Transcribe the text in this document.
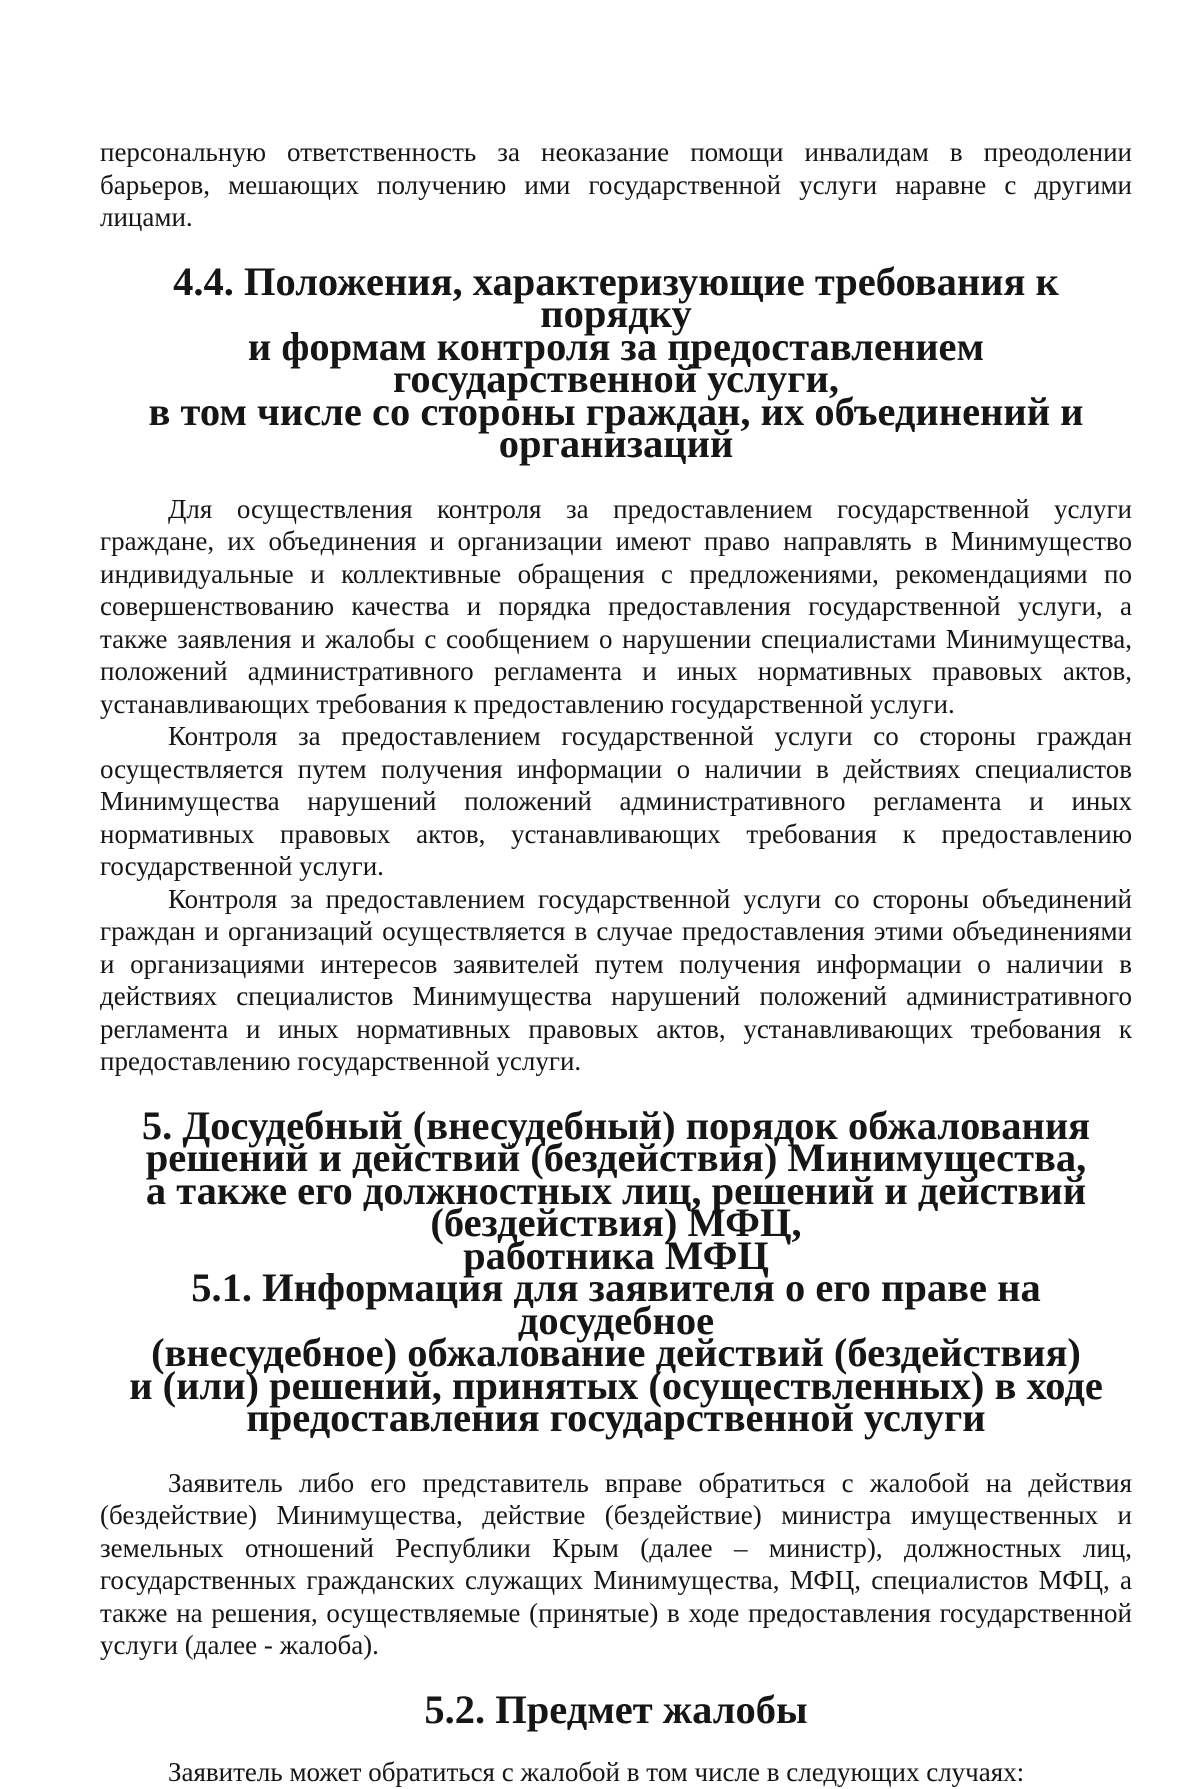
персональную ответственность за неоказание помощи инвалидам в преодолении барьеров, мешающих получению ими государственной услуги наравне с другими лицами.

4.4. Положения, характеризующие требования к порядку
и формам контроля за предоставлением государственной услуги,
в том числе со стороны граждан, их объединений и организаций

Для осуществления контроля за предоставлением государственной услуги граждане, их объединения и организации имеют право направлять в Минимущество индивидуальные и коллективные обращения с предложениями, рекомендациями по совершенствованию качества и порядка предоставления государственной услуги, а также заявления и жалобы с сообщением о нарушении специалистами Минимущества, положений административного регламента и иных нормативных правовых актов, устанавливающих требования к предоставлению государственной услуги.

Контроля за предоставлением государственной услуги со стороны граждан осуществляется путем получения информации о наличии в действиях специалистов Минимущества нарушений положений административного регламента и иных нормативных правовых актов, устанавливающих требования к предоставлению государственной услуги.

Контроля за предоставлением государственной услуги со стороны объединений граждан и организаций осуществляется в случае предоставления этими объединениями и организациями интересов заявителей путем получения информации о наличии в действиях специалистов Минимущества нарушений положений административного регламента и иных нормативных правовых актов, устанавливающих требования к предоставлению государственной услуги.

5. Досудебный (внесудебный) порядок обжалования
решений и действий (бездействия) Минимущества,
а также его должностных лиц, решений и действий (бездействия) МФЦ,
работника МФЦ
5.1. Информация для заявителя о его праве на досудебное
(внесудебное) обжалование действий (бездействия)
и (или) решений, принятых (осуществленных) в ходе
предоставления государственной услуги

Заявитель либо его представитель вправе обратиться с жалобой на действия (бездействие) Минимущества, действие (бездействие) министра имущественных и земельных отношений Республики Крым (далее – министр), должностных лиц, государственных гражданских служащих Минимущества, МФЦ, специалистов МФЦ, а также на решения, осуществляемые (принятые) в ходе предоставления государственной услуги (далее - жалоба).

5.2. Предмет жалобы

Заявитель может обратиться с жалобой в том числе в следующих случаях:
